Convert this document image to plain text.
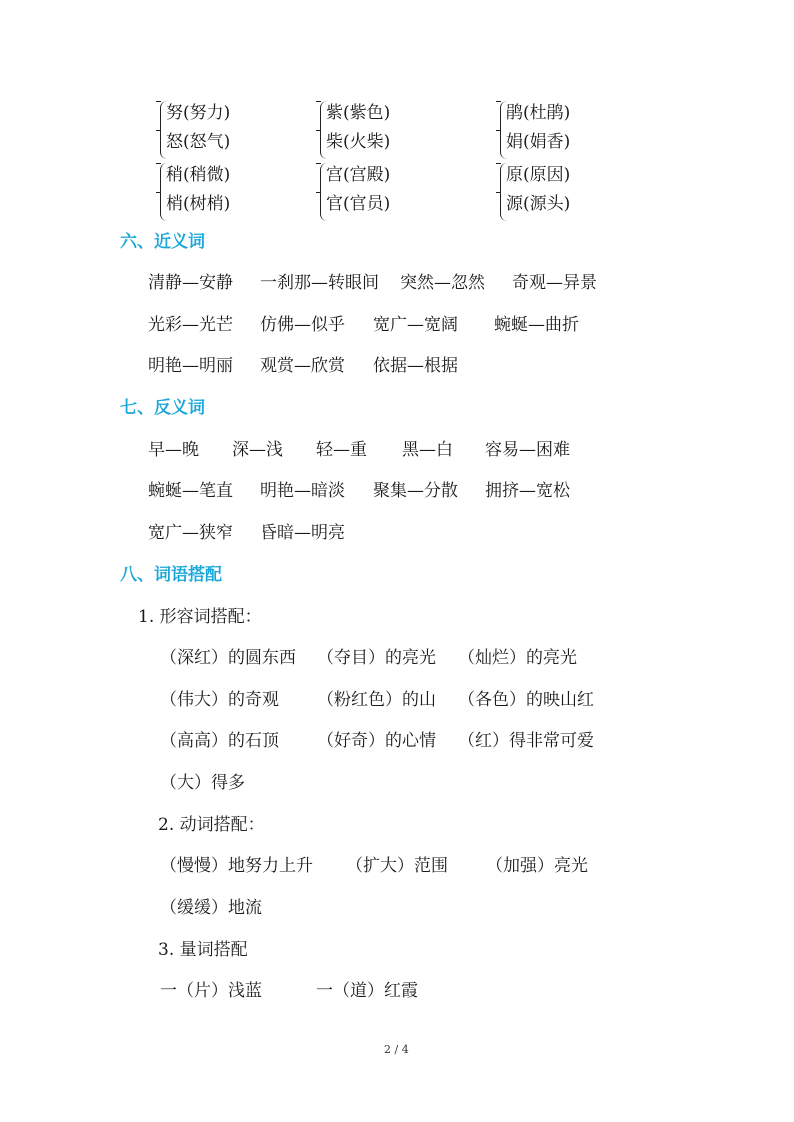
努(努力)
怒(怒气)
紫(紫色)
柴(火柴)
鹃(杜鹃)
娟(娟香)
稍(稍微)
梢(树梢)
宫(宫殿)
官(官员)
原(原因)
源(源头)
六、近义词
清静—安静 一刹那—转眼间 突然—忽然 奇观—异景
光彩—光芒 仿佛—似乎 宽广—宽阔 蜿蜒—曲折
明艳—明丽 观赏—欣赏 依据—根据
七、反义词
早—晚 深—浅 轻—重 黑—白 容易—困难
蜿蜒—笔直 明艳—暗淡 聚集—分散 拥挤—宽松
宽广—狭窄 昏暗—明亮
八、词语搭配
1. 形容词搭配：
（深红）的圆东西 （夺目）的亮光 （灿烂）的亮光
（伟大）的奇观 （粉红色）的山 （各色）的映山红
（高高）的石顶 （好奇）的心情 （红）得非常可爱
（大）得多
2. 动词搭配：
（慢慢）地努力上升 （扩大）范围 （加强）亮光
（缓缓）地流
3. 量词搭配
一（片）浅蓝	一（道）红霞
2 / 4
